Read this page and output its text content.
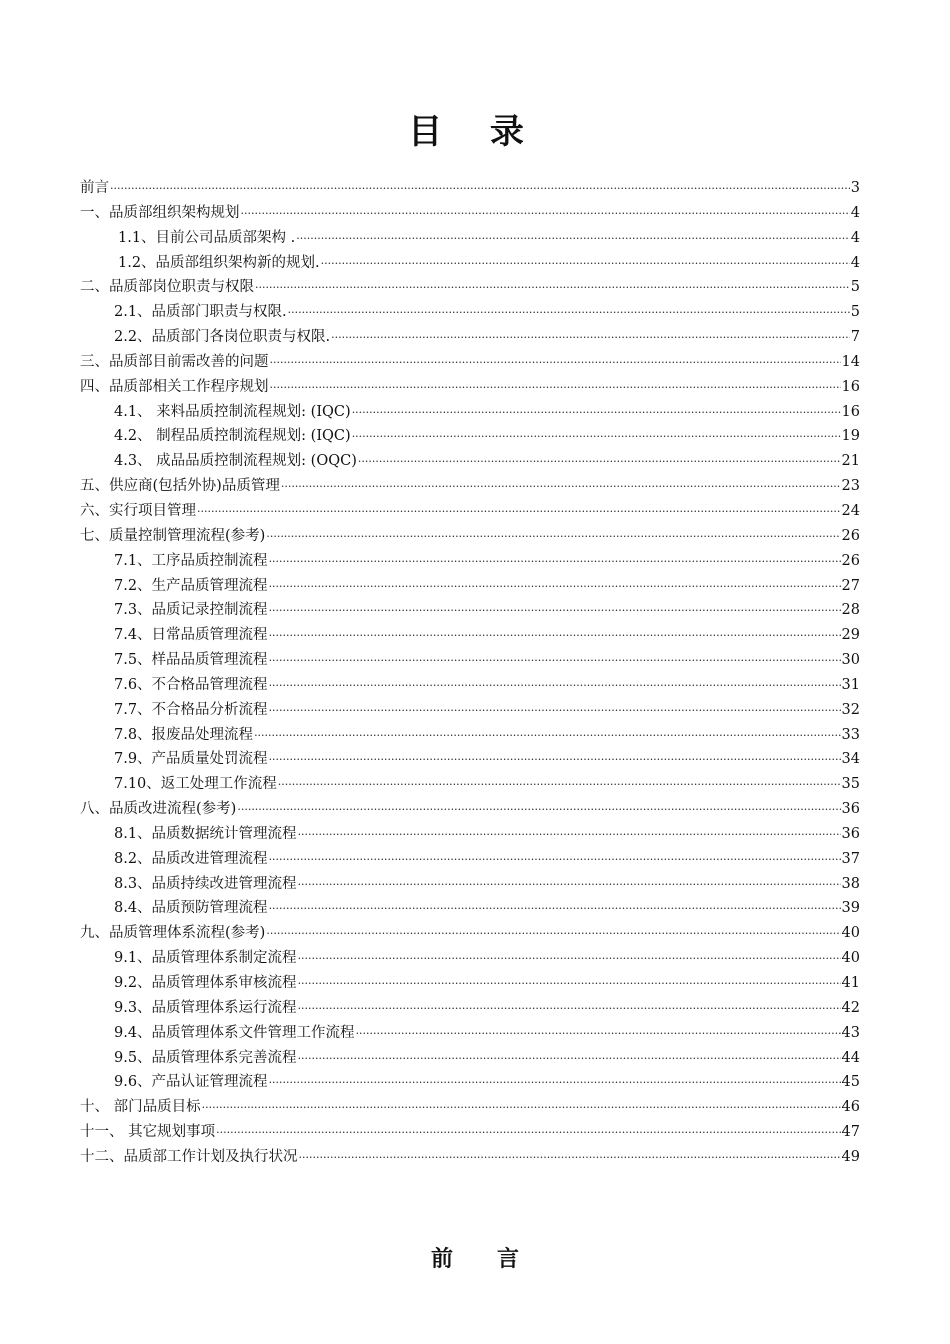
目 录
前言 ·····	3
一、品质部组织架构规划 ·····	4
1.1、目前公司品质部架构 . ·····	4
1.2、品质部组织架构新的规划. ·····	4
二、品质部岗位职责与权限 ·····	5
2.1、品质部门职责与权限. ·····	5
2.2、品质部门各岗位职责与权限. ·····	7
三、品质部目前需改善的问题 ·····	14
四、品质部相关工作程序规划 ·····	16
4.1、 来料品质控制流程规划: (IQC) ·····	16
4.2、 制程品质控制流程规划: (IQC) ·····	19
4.3、 成品品质控制流程规划: (OQC) ·····	21
五、供应商(包括外协)品质管理 ·····	23
六、实行项目管理 ·····	24
七、质量控制管理流程(参考) ·····	26
7.1、工序品质控制流程 ·····	26
7.2、生产品质管理流程 ·····	27
7.3、品质记录控制流程 ·····	28
7.4、日常品质管理流程 ·····	29
7.5、样品品质管理流程 ·····	30
7.6、不合格品管理流程 ·····	31
7.7、不合格品分析流程 ·····	32
7.8、报废品处理流程 ·····	33
7.9、产品质量处罚流程 ·····	34
7.10、返工处理工作流程 ·····	35
八、品质改进流程(参考) ·····	36
8.1、品质数据统计管理流程 ·····	36
8.2、品质改进管理流程 ·····	37
8.3、品质持续改进管理流程 ·····	38
8.4、品质预防管理流程 ·····	39
九、品质管理体系流程(参考) ·····	40
9.1、品质管理体系制定流程 ·····	40
9.2、品质管理体系审核流程 ·····	41
9.3、品质管理体系运行流程 ·····	42
9.4、品质管理体系文件管理工作流程 ·····	43
9.5、品质管理体系完善流程 ·····	44
9.6、产品认证管理流程 ·····	45
十、 部门品质目标 ·····	46
十一、 其它规划事项 ·····	47
十二、品质部工作计划及执行状况 ·····	49
前言
